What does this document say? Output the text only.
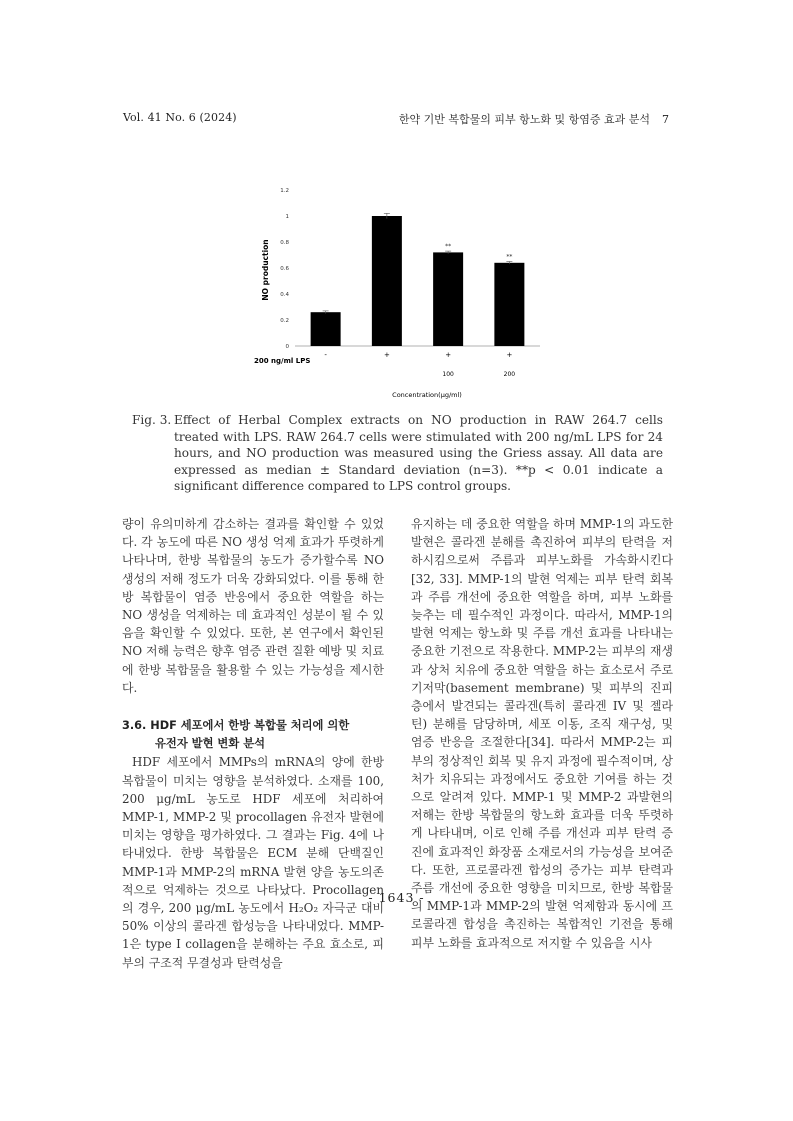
Vol. 41 No. 6 (2024)	한약 기반 복합물의 피부 항노화 및 항염증 효과 분석 7
0
0.2
0.4
0.6
0.8
1
1.2
-	+	+
100
+
200
**
**
NO production
Concentration(μg/ml)
200 ng/ml LPS
Fig. 3. Effect of Herbal Complex extracts on NO production in RAW 264.7 cells treated with LPS. RAW 264.7 cells were stimulated with 200 ng/mL LPS for 24 hours, and NO production was measured using the Griess assay. All data are expressed as median ± Standard deviation (n=3). **p < 0.01 indicate a significant difference compared to LPS control groups.

량이 유의미하게 감소하는 결과를 확인할 수 있었다. 각 농도에 따른 NO 생성 억제 효과가 뚜렷하게 나타나며, 한방 복합물의 농도가 증가할수록 NO 생성의 저해 정도가 더욱 강화되었다. 이를 통해 한방 복합물이 염증 반응에서 중요한 역할을 하는 NO 생성을 억제하는 데 효과적인 성분이 될 수 있음을 확인할 수 있었다. 또한, 본 연구에서 확인된 NO 저해 능력은 향후 염증 관련 질환 예방 및 치료에 한방 복합물을 활용할 수 있는 가능성을 제시한다.

3.6. HDF 세포에서 한방 복합물 처리에 의한
유전자 발현 변화 분석

HDF 세포에서 MMPs의 mRNA의 양에 한방 복합물이 미치는 영향을 분석하였다. 소재를 100, 200 μg/mL 농도로 HDF 세포에 처리하여 MMP-1, MMP-2 및 procollagen 유전자 발현에 미치는 영향을 평가하였다. 그 결과는 Fig. 4에 나타내었다. 한방 복합물은 ECM 분해 단백질인 MMP-1과 MMP-2의 mRNA 발현 양을 농도의존적으로 억제하는 것으로 나타났다. Procollagen의 경우, 200 μg/mL 농도에서 H₂O₂ 자극군 대비 50% 이상의 콜라겐 합성능을 나타내었다. MMP-1은 type I collagen을 분해하는 주요 효소로, 피부의 구조적 무결성과 탄력성을

유지하는 데 중요한 역할을 하며 MMP-1의 과도한 발현은 콜라겐 분해를 촉진하여 피부의 탄력을 저하시킴으로써 주름과 피부노화를 가속화시킨다[32, 33]. MMP-1의 발현 억제는 피부 탄력 회복과 주름 개선에 중요한 역할을 하며, 피부 노화를 늦추는 데 필수적인 과정이다. 따라서, MMP-1의 발현 억제는 항노화 및 주름 개선 효과를 나타내는 중요한 기전으로 작용한다. MMP-2는 피부의 재생과 상처 치유에 중요한 역할을 하는 효소로서 주로 기저막(basement membrane) 및 피부의 진피층에서 발견되는 콜라겐(특히 콜라겐 IV 및 젤라틴) 분해를 담당하며, 세포 이동, 조직 재구성, 및 염증 반응을 조절한다[34]. 따라서 MMP-2는 피부의 정상적인 회복 및 유지 과정에 필수적이며, 상처가 치유되는 과정에서도 중요한 기여를 하는 것으로 알려져 있다. MMP-1 및 MMP-2 과발현의 저해는 한방 복합물의 항노화 효과를 더욱 뚜렷하게 나타내며, 이로 인해 주름 개선과 피부 탄력 증진에 효과적인 화장품 소재로서의 가능성을 보여준다. 또한, 프로콜라겐 합성의 증가는 피부 탄력과 주름 개선에 중요한 영향을 미치므로, 한방 복합물의 MMP-1과 MMP-2의 발현 억제함과 동시에 프로콜라겐 합성을 촉진하는 복합적인 기전을 통해 피부 노화를 효과적으로 저지할 수 있음을 시사

- 1643 -
